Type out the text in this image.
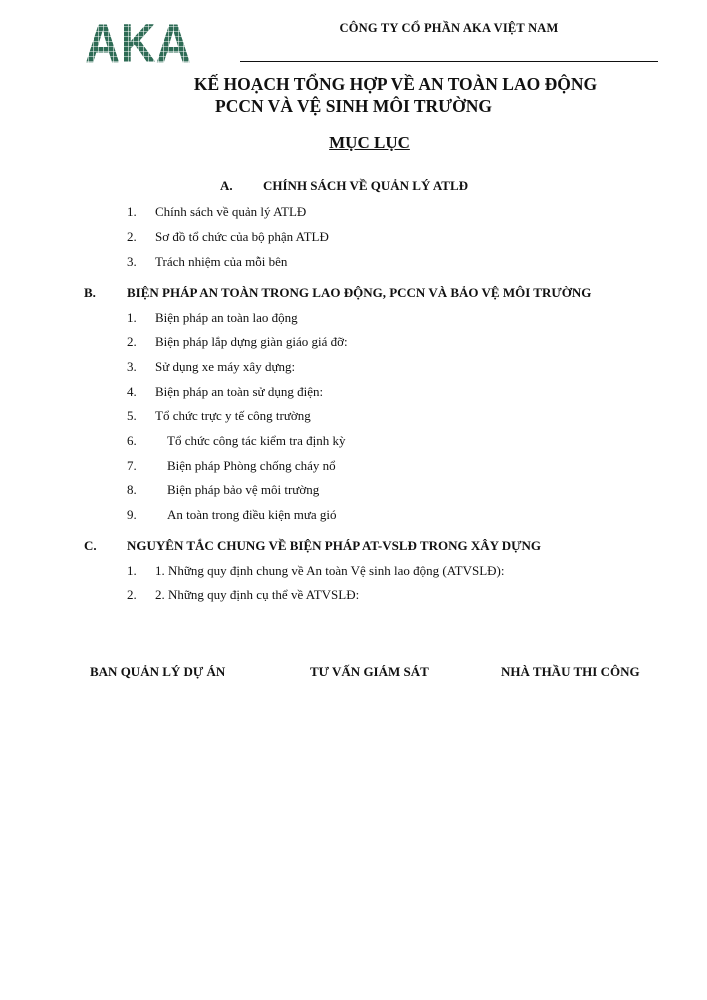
AKA	CÔNG TY CỔ PHẦN AKA VIỆT NAM
KẾ HOẠCH TỔNG HỢP VỀ AN TOÀN LAO ĐỘNG
PCCN VÀ VỆ SINH MÔI TRƯỜNG
MỤC LỤC
A. CHÍNH SÁCH VỀ QUẢN LÝ ATLĐ
1. Chính sách về quản lý ATLĐ
2. Sơ đồ tổ chức của bộ phận ATLĐ
3. Trách nhiệm của mỗi bên
B. BIỆN PHÁP AN TOÀN TRONG LAO ĐỘNG, PCCN VÀ BẢO VỆ MÔI TRƯỜNG
1. Biện pháp an toàn lao động
2. Biện pháp lắp dựng giàn giáo giá đỡ:
3. Sử dụng xe máy xây dựng:
4. Biện pháp an toàn sử dụng điện:
5. Tổ chức trực y tế công trường
6. Tổ chức công tác kiểm tra định kỳ
7. Biện pháp Phòng chống cháy nổ
8. Biện pháp bảo vệ môi trường
9. An toàn trong điều kiện mưa gió
C. NGUYÊN TẮC CHUNG VỀ BIỆN PHÁP AT-VSLĐ TRONG XÂY DỰNG
1. 1. Những quy định chung về An toàn Vệ sinh lao động (ATVSLĐ):
2. 2. Những quy định cụ thể về ATVSLĐ:
BAN QUẢN LÝ DỰ ÁN	TƯ VẤN GIÁM SÁT	NHÀ THẦU THI CÔNG
